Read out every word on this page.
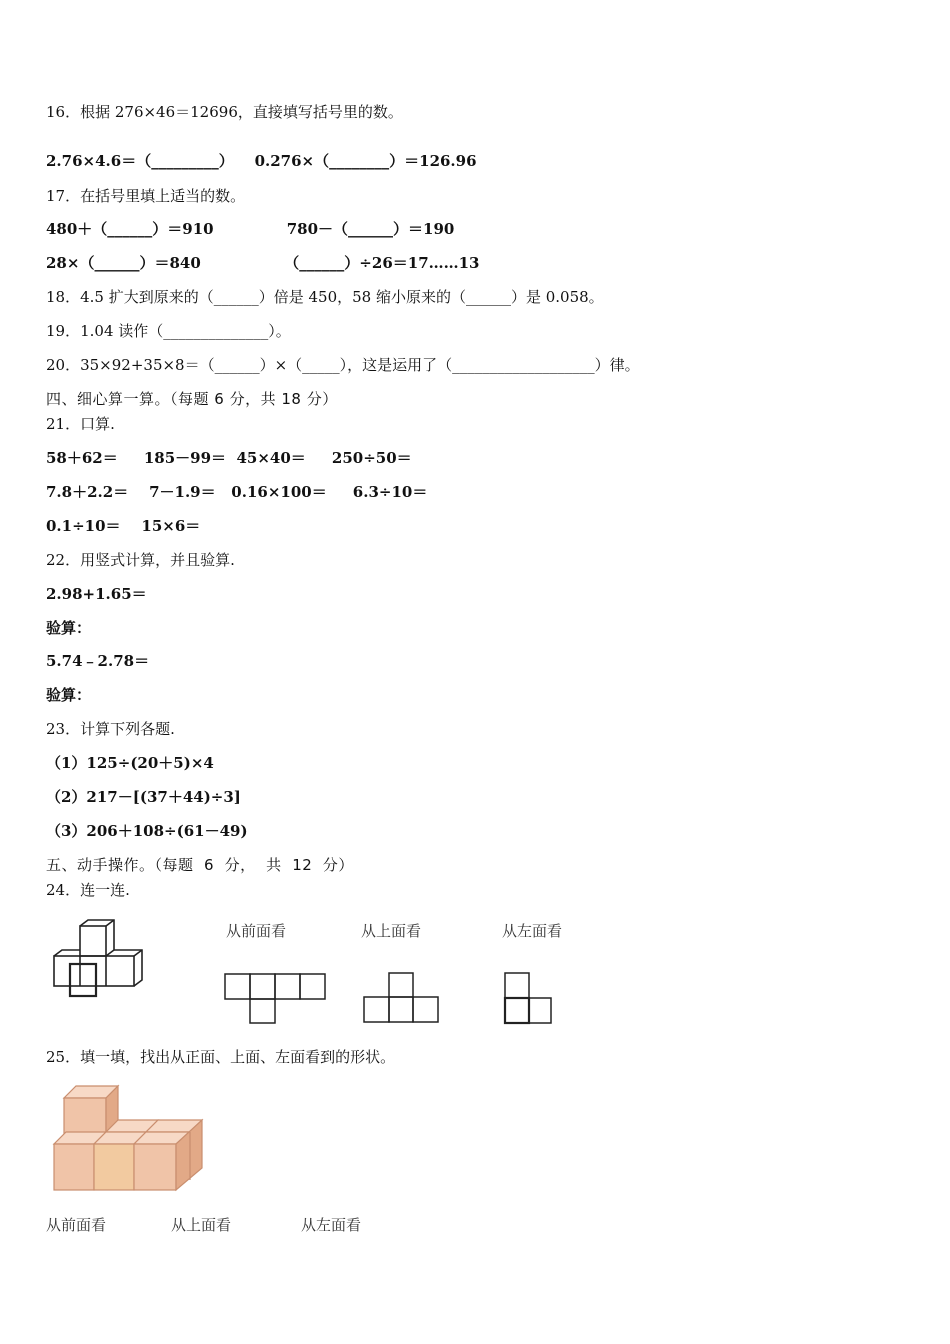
16．根据 276×46＝12696，直接填写括号里的数。
2.76×4.6＝（_________）    0.276×（________）＝126.96
17．在括号里填上适当的数。
480＋（______）＝910              780－（______）＝190
28×（______）＝840                （______）÷26＝17……13
18．4.5 扩大到原来的（______）倍是 450，58 缩小原来的（______）是 0.058。
19．1.04 读作（______________）。
20．35×92+35×8＝（______）×（_____），这是运用了（___________________）律。
四、细心算一算。（每题 6 分，共 18 分）
21．口算.
58＋62＝     185－99＝  45×40＝     250÷50＝
7.8＋2.2＝    7－1.9＝   0.16×100＝     6.3÷10＝
0.1÷10＝    15×6＝
22．用竖式计算，并且验算.
2.98+1.65＝
验算：
5.74﹣2.78＝
验算：
23．计算下列各题.
（1）125÷(20＋5)×4
（2）217－[(37＋44)÷3]
（3）206＋108÷(61－49)
五、动手操作。（每题  6  分，  共  12  分）
24．连一连.
从前面看	从上面看	从左面看
25．填一填，找出从正面、上面、左面看到的形状。
从前面看	从上面看	从左面看
